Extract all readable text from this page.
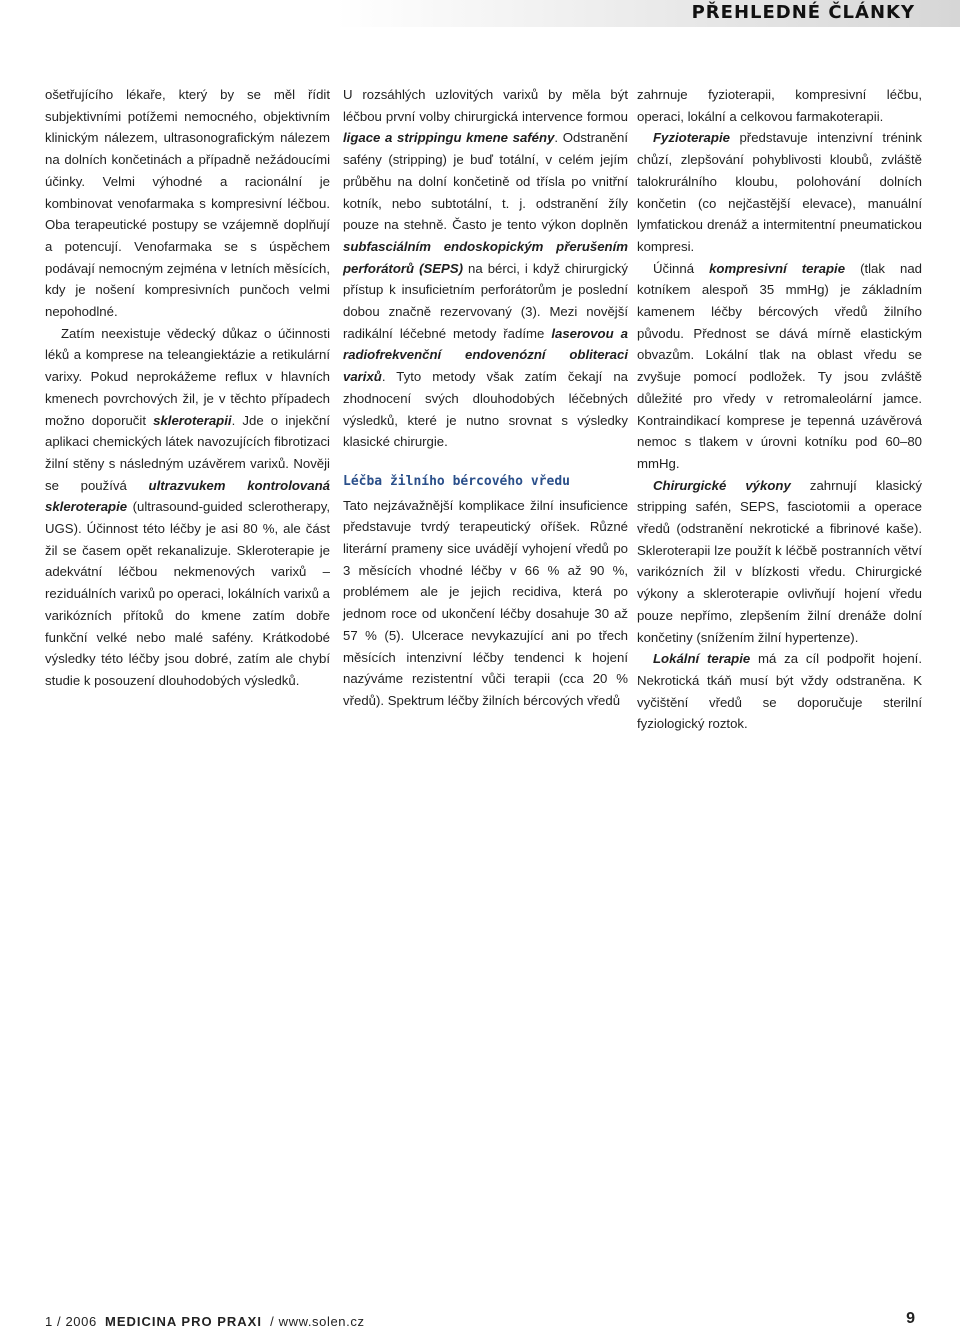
PŘEHLEDNÉ ČLÁNKY

ošetřujícího lékaře, který by se měl řídit subjektivními potížemi nemocného, objektivním klinickým nálezem, ultrasonografickým nálezem na dolních končetinách a případně nežádoucími účinky. Velmi výhodné a racionální je kombinovat venofarmaka s kompresivní léčbou. Oba terapeutické postupy se vzájemně doplňují a potencují. Venofarmaka se s úspěchem podávají nemocným zejména v letních měsících, kdy je nošení kompresivních punčoch velmi nepohodlné.

Zatím neexistuje vědecký důkaz o účinnosti léků a komprese na teleangiektázie a retikulární varixy. Pokud neprokážeme reflux v hlavních kmenech povrchových žil, je v těchto případech možno doporučit skleroterapii. Jde o injekční aplikaci chemických látek navozujících fibrotizaci žilní stěny s následným uzávěrem varixů. Nověji se používá ultrazvukem kontrolovaná skleroterapie (ultrasound-guided sclerotherapy, UGS). Účinnost této léčby je asi 80 %, ale část žil se časem opět rekanalizuje. Skleroterapie je adekvátní léčbou nekmenových varixů – reziduálních varixů po operaci, lokálních varixů a varikózních přítoků do kmene zatím dobře funkční velké nebo malé safény. Krátkodobé výsledky této léčby jsou dobré, zatím ale chybí studie k posouzení dlouhodobých výsledků.

U rozsáhlých uzlovitých varixů by měla být léčbou první volby chirurgická intervence formou ligace a strippingu kmene safény. Odstranění safény (stripping) je buď totální, v celém jejím průběhu na dolní končetině od třísla po vnitřní kotník, nebo subtotální, t. j. odstranění žíly pouze na stehně. Často je tento výkon doplněn subfasciálním endoskopickým přerušením perforátorů (SEPS) na bérci, i když chirurgický přístup k insuficietním perforátorům je poslední dobou značně rezervovaný (3). Mezi novější radikální léčebné metody řadíme laserovou a radiofrekvenční endovenózní obliteraci varixů. Tyto metody však zatím čekají na zhodnocení svých dlouhodobých léčebných výsledků, které je nutno srovnat s výsledky klasické chirurgie.

Léčba žilního bércového vředu

Tato nejzávažnější komplikace žilní insuficience představuje tvrdý terapeutický oříšek. Různé literární prameny sice uvádějí vyhojení vředů po 3 měsících vhodné léčby v 66 % až 90 %, problémem ale je jejich recidiva, která po jednom roce od ukončení léčby dosahuje 30 až 57 % (5). Ulcerace nevykazující ani po třech měsících intenzivní léčby tendenci k hojení nazýváme rezistentní vůči terapii (cca 20 % vředů). Spektrum léčby žilních bércových vředů

zahrnuje fyzioterapii, kompresivní léčbu, operaci, lokální a celkovou farmakoterapii.

Fyzioterapie představuje intenzivní trénink chůzí, zlepšování pohyblivosti kloubů, zvláště talokrurálního kloubu, polohování dolních končetin (co nejčastější elevace), manuální lymfatickou drenáž a intermitentní pneumatickou kompresi.

Účinná kompresivní terapie (tlak nad kotníkem alespoň 35 mmHg) je základním kamenem léčby bércových vředů žilního původu. Přednost se dává mírně elastickým obvazům. Lokální tlak na oblast vředu se zvyšuje pomocí podložek. Ty jsou zvláště důležité pro vředy v retromaleolární jamce. Kontraindikací komprese je tepenná uzávěrová nemoc s tlakem v úrovni kotníku pod 60–80 mmHg.

Chirurgické výkony zahrnují klasický stripping safén, SEPS, fasciotomii a operace vředů (odstranění nekrotické a fibrinové kaše). Skleroterapii lze použít k léčbě postranních větví varikózních žil v blízkosti vředu. Chirurgické výkony a skleroterapie ovlivňují hojení vředu pouze nepřímo, zlepšením žilní drenáže dolní končetiny (snížením žilní hypertenze).

Lokální terapie má za cíl podpořit hojení. Nekrotická tkáň musí být vždy odstraněna. K vyčištění vředů se doporučuje sterilní fyziologický roztok.

1 / 2006 MEDICINA PRO PRAXI / www.solen.cz	9
